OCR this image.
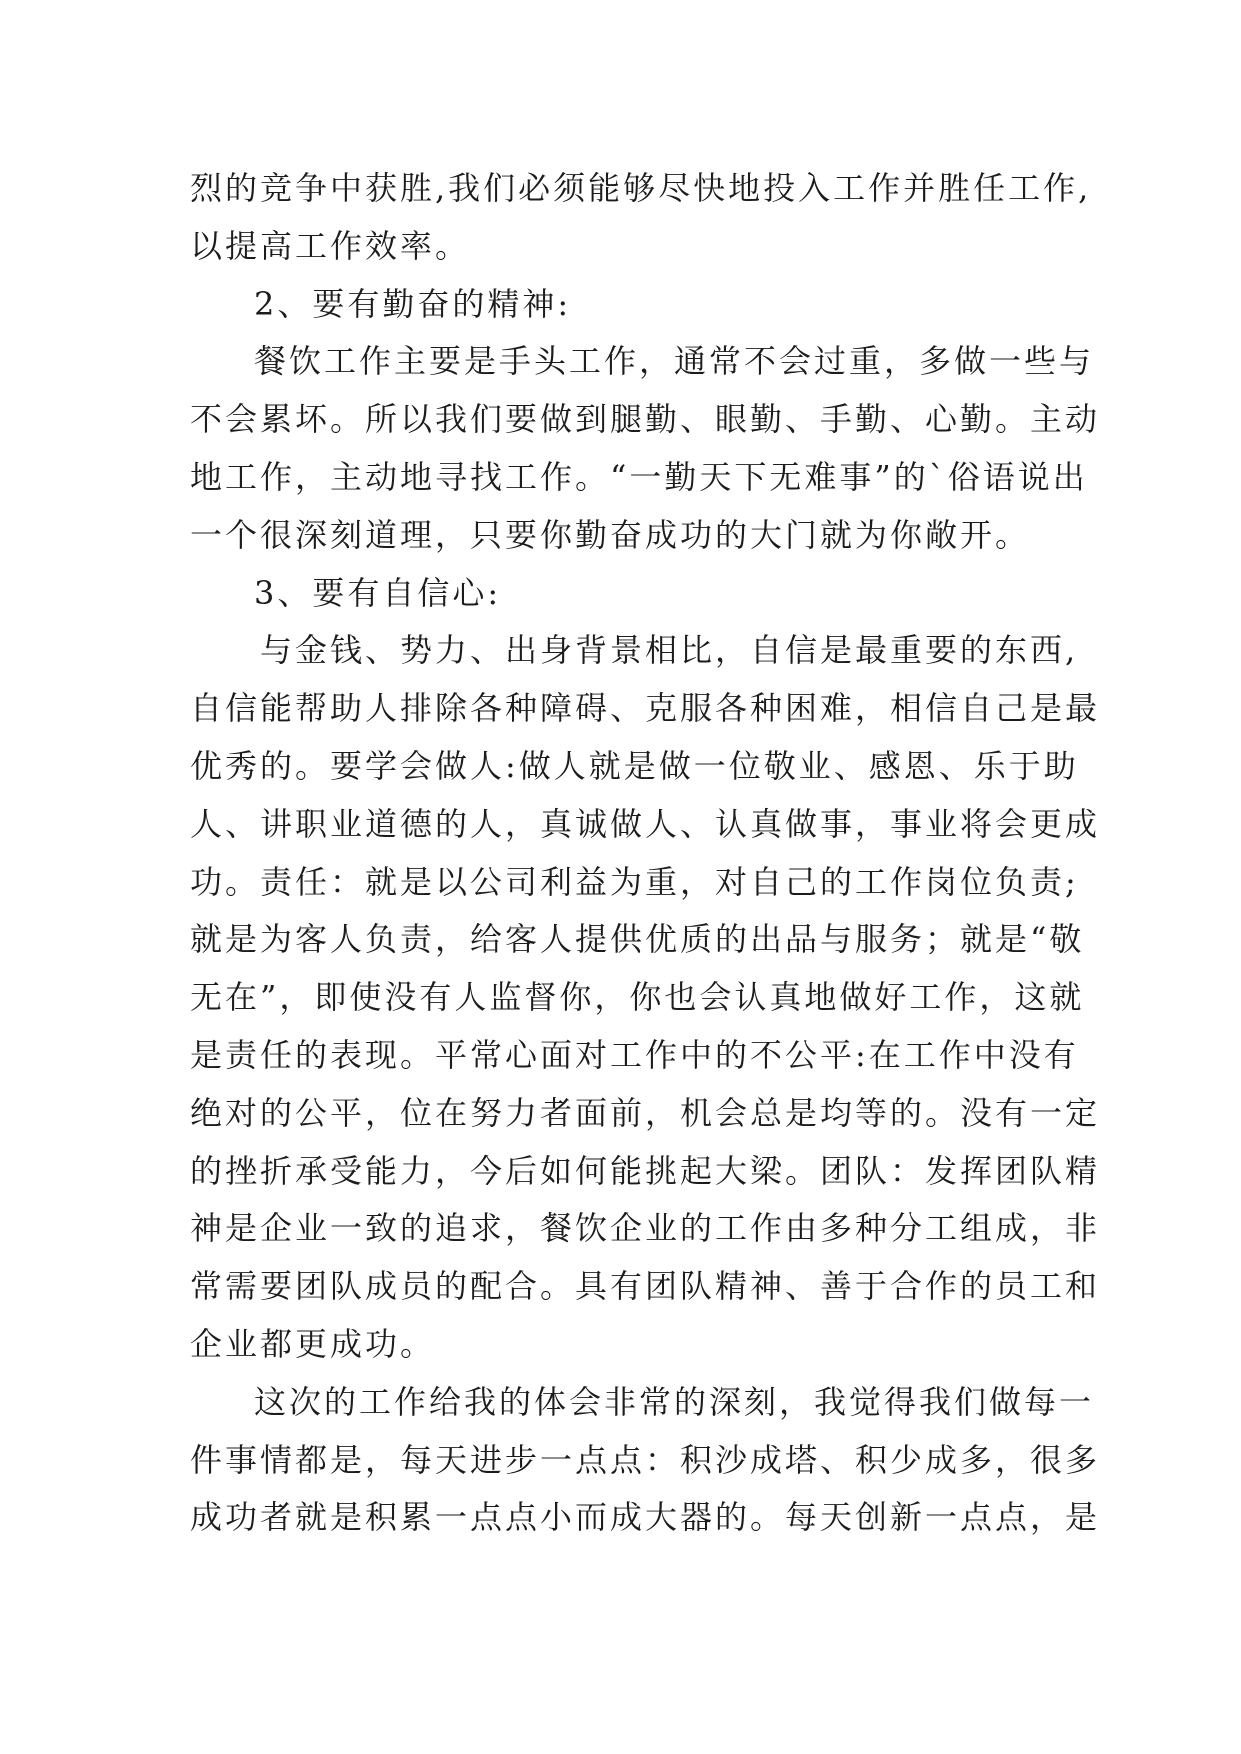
烈的竞争中获胜,我们必须能够尽快地投入工作并胜任工作,
以提高工作效率。
2、要有勤奋的精神:
餐饮工作主要是手头工作，通常不会过重，多做一些与
不会累坏。所以我们要做到腿勤、眼勤、手勤、心勤。主动
地工作，主动地寻找工作。“一勤天下无难事”的`俗语说出
一个很深刻道理，只要你勤奋成功的大门就为你敞开。
3、要有自信心:
与金钱、势力、出身背景相比，自信是最重要的东西,
自信能帮助人排除各种障碍、克服各种困难，相信自己是最
优秀的。要学会做人:做人就是做一位敬业、感恩、乐于助
人、讲职业道德的人，真诚做人、认真做事，事业将会更成
功。责任：就是以公司利益为重，对自己的工作岗位负责;
就是为客人负责，给客人提供优质的出品与服务；就是“敬
无在”，即使没有人监督你，你也会认真地做好工作，这就
是责任的表现。平常心面对工作中的不公平:在工作中没有
绝对的公平，位在努力者面前，机会总是均等的。没有一定
的挫折承受能力，今后如何能挑起大梁。团队：发挥团队精
神是企业一致的追求，餐饮企业的工作由多种分工组成，非
常需要团队成员的配合。具有团队精神、善于合作的员工和
企业都更成功。
这次的工作给我的体会非常的深刻，我觉得我们做每一
件事情都是，每天进步一点点：积沙成塔、积少成多，很多
成功者就是积累一点点小而成大器的。每天创新一点点，是
